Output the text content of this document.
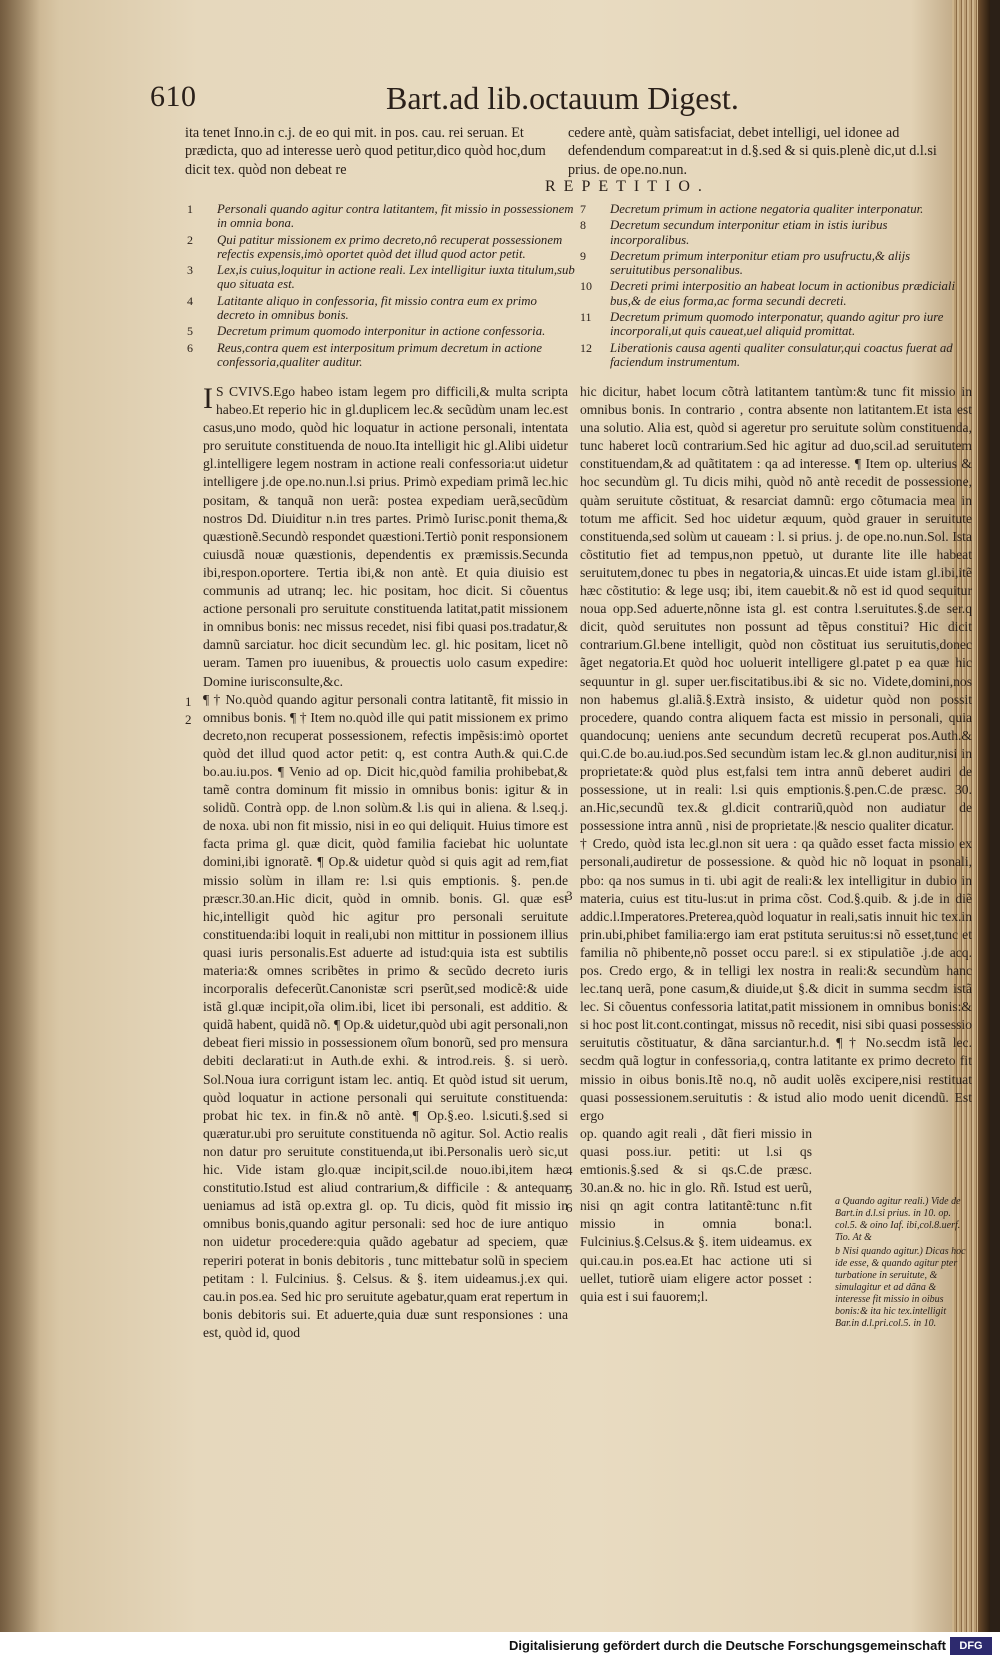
610	Bart.ad lib.octauum Digest.

ita tenet Inno.in c.j. de eo qui mit. in pos. cau. rei seruan. Et prædicta, quo ad interesse uerò quod petitur,dico quòd hoc,dum dicit tex. quòd non debeat re

cedere antè, quàm satisfaciat, debet intelligi, uel idonee ad defendendum compareat:ut in d.§.sed & si quis.plenè dic,ut d.l.si prius. de ope.no.nun.

REPETITIO.
1 Personali quando agitur contra latitantem, fit missio in possessionem in omnia bona.
2 Qui patitur missionem ex primo decreto,nô recuperat possessionem refectis expensis,imò oportet quòd det illud quod actor petit.
3 Lex,is cuius,loquitur in actione reali. Lex intelligitur iuxta titulum,sub quo situata est.
4 Latitante aliquo in confessoria, fit missio contra eum ex primo decreto in omnibus bonis.
5 Decretum primum quomodo interponitur in actione confessoria.
6 Reus,contra quem est interpositum primum decretum in actione confessoria,qualiter auditur.
7 Decretum primum in actione negatoria qualiter interponatur.
8 Decretum secundum interponitur etiam in istis iuribus incorporalibus.
9 Decretum primum interponitur etiam pro usufructu,& alijs seruitutibus personalibus.
10 Decreti primi interpositio an habeat locum in actionibus prædiciali bus,& de eius forma,ac forma secundi decreti.
11 Decretum primum quomodo interponatur, quando agitur pro iure incorporali,ut quis caueat,uel aliquid promittat.
12 Liberationis causa agenti qualiter consulatur,qui coactus fuerat ad faciendum instrumentum.

I S CVIVS.Ego habeo istam legem pro difficili,& multa scripta habeo.Et reperio hic in gl.duplicem lec.& secũdùm unam lec.est casus,uno modo, quòd hic loquatur in actione personali, intentata pro seruitute constituenda de nouo.Ita intelligit hic gl.Alibi uidetur gl.intelligere legem nostram in actione reali confessoria:ut uidetur intelligere j.de ope.no.nun.l.si prius. Primò expediam primã lec.hic positam, & tanquã non uerã: postea expediam uerã,secũdùm nostros Dd. Diuiditur n.in tres partes. Primò Iurisc.ponit thema,& quæstionẽ.Secundò respondet quæstioni.Tertiò ponit responsionem cuiusdã nouæ quæstionis, dependentis ex præmissis.Secunda ibi,respon.oportere. Tertia ibi,& non antè. Et quia diuisio est communis ad utranq; lec. hic positam, hoc dicit. Si cõuentus actione personali pro seruitute constituenda latitat,patit missionem in omnibus bonis: nec missus recedet, nisi fibi quasi pos.tradatur,& damnũ sarciatur. hoc dicit secundùm lec. gl. hic positam, licet nõ ueram. Tamen pro iuuenibus, & prouectis uolo casum expedire: Domine iurisconsulte,&c.

¶ † No.quòd quando agitur personali contra latitantẽ, fit missio in omnibus bonis. ¶ † Item no.quòd ille qui patit missionem ex primo decreto,non recuperat possessionem, refectis impẽsis:imò oportet quòd det illud quod actor petit: q, est contra Auth.& qui.C.de bo.au.iu.pos. ¶ Venio ad op. Dicit hic,quòd familia prohibebat,& tamẽ contra dominum fit missio in omnibus bonis: igitur & in solidũ. Contrà opp. de l.non solùm.& l.is qui in aliena. & l.seq.j. de noxa. ubi non fit missio, nisi in eo qui deliquit. Huius timore est facta prima gl. quæ dicit, quòd familia faciebat hic uoluntate domini,ibi ignoratẽ. ¶ Op.& uidetur quòd si quis agit ad rem,fiat missio solùm in illam re: l.si quis emptionis. §. pen.de præscr.30.an.Hic dicit, quòd in omnib. bonis. Gl. quæ est hic,intelligit quòd hic agitur pro personali seruitute constituenda:ibi loquit in reali,ubi non mittitur in possionem illius quasi iuris personalis.Est aduerte ad istud:quia ista est subtilis materia:& omnes scribẽtes in primo & secũdo decreto iuris incorporalis defecerũt.Canonistæ scri pserũt,sed modicẽ:& uide istã gl.quæ incipit,oĩa olim.ibi, licet ibi personali, est additio. & quidã habent, quidã nõ. ¶ Op.& uidetur,quòd ubi agit personali,non debeat fieri missio in possessionem oĩum bonorũ, sed pro mensura debiti declarati:ut in Auth.de exhi. & introd.reis. §. si uerò. Sol.Noua iura corrigunt istam lec. antiq. Et quòd istud sit uerum, quòd loquatur in actione personali qui seruitute constituenda: probat hic tex. in fin.& nõ antè. ¶ Op.§.eo. l.sicuti.§.sed si quæratur.ubi pro seruitute constituenda nõ agitur. Sol. Actio realis non datur pro seruitute constituenda,ut ibi.Personalis uerò sic,ut hic. Vide istam glo.quæ incipit,scil.de nouo.ibi,item hæc constitutio.Istud est aliud contrarium,& difficile : & antequam ueniamus ad istã op.extra gl. op. Tu dicis, quòd fit missio in omnibus bonis,quando agitur personali: sed hoc de iure antiquo non uidetur procedere:quia quãdo agebatur ad speciem, quæ reperiri poterat in bonis debitoris , tunc mittebatur solũ in speciem petitam : l. Fulcinius. §. Celsus. & §. item uideamus.j.ex qui. cau.in pos.ea. Sed hic pro seruitute agebatur,quam erat repertum in bonis debitoris sui. Et aduerte,quia duæ sunt responsiones : una est, quòd id, quod

hic dicitur, habet locum cõtrà latitantem tantùm:& tunc fit missio in omnibus bonis. In contrario , contra absente non latitantem.Et ista est una solutio. Alia est, quòd si ageretur pro seruitute solùm constituenda, tunc haberet locũ contrarium.Sed hic agitur ad duo,scil.ad seruitutem constituendam,& ad quãtitatem : qa ad interesse. ¶ Item op. ulterius & hoc secundùm gl. Tu dicis mihi, quòd nõ antè recedit de possessione, quàm seruitute cõstituat, & resarciat damnũ: ergo cõtumacia mea in totum me afficit. Sed hoc uidetur æquum, quòd grauer in seruitute constituenda,sed solùm ut caueam : l. si prius. j. de ope.no.nun.Sol. Ista cõstitutio fiet ad tempus,non ppetuò, ut durante lite ille habeat seruitutem,donec tu pbes in negatoria,& uincas.Et uide istam gl.ibi,itẽ hæc cõstitutio: & lege usq; ibi, item cauebit.& nõ est id quod sequitur noua opp.Sed aduerte,nõnne ista gl. est contra l.seruitutes.§.de ser.q dicit, quòd seruitutes non possunt ad tẽpus constitui? Hic dicit contrarium.Gl.bene intelligit, quòd non cõstituat ius seruitutis,donec ãget negatoria.Et quòd hoc uoluerit intelligere gl.patet p ea quæ hic sequuntur in gl. super uer.fiscitatibus.ibi & sic no. Videte,domini,nos non habemus gl.aliã.§.Extrà insisto, & uidetur quòd non possit procedere, quando contra aliquem facta est missio in personali, quia quandocunq; ueniens ante secundum decretũ recuperat pos.Auth.& qui.C.de bo.au.iud.pos.Sed secundùm istam lec.& gl.non auditur,nisi in proprietate:& quòd plus est,falsi tem intra annũ deberet audiri de possessione, ut in reali: l.si quis emptionis.§.pen.C.de præsc. 30. an.Hic,secundũ tex.& gl.dicit contrariũ,quòd non audiatur de possessione intra annũ , nisi de proprietate.|& nescio qualiter dicatur.

† Credo, quòd ista lec.gl.non sit uera : qa quãdo esset facta missio ex personali,audiretur de possessione. & quòd hic nõ loquat in psonali, pbo: qa nos sumus in ti. ubi agit de reali:& lex intelligitur in dubio in materia, cuius est titu-lus:ut in prima cõst. Cod.§.quib. & j.de in diẽ addic.l.Imperatores.Preterea,quòd loquatur in reali,satis innuit hic tex.in prin.ubi,phibet familia:ergo iam erat pstituta seruitus:si nõ esset,tunc et familia nõ phibente,nõ posset occu pare:l. si ex stipulatiõe .j.de acq. pos. Credo ergo, & in telligi lex nostra in reali:& secundùm hanc lec.tanq uerã, pone casum,& diuide,ut §.& dicit in summa secdm istã lec. Si cõuentus confessoria latitat,patit missionem in omnibus bonis:& si hoc post lit.cont.contingat, missus nõ recedit, nisi sibi quasi possessio seruitutis cõstituatur, & dãna sarciantur.h.d. ¶ † No.secdm istã lec. secdm quã logtur in confessoria,q, contra latitante ex primo decreto fit missio in oibus bonis.Itẽ no.q, nõ audit uolẽs excipere,nisi restituat quasi possessionem.seruitutis : & istud alio modo uenit dicendũ. Est ergo

op. quando agit reali , dãt fieri missio in quasi poss.iur. petiti: ut l.si qs emtionis.§.sed & si qs.C.de præsc. 30.an.& no. hic in glo. Rñ. Istud est uerũ, nisi qn agit contra latitantẽ:tunc n.fit missio in omnia bona:l. Fulcinius.§.Celsus.& §. item uideamus. ex qui.cau.in pos.ea.Et hac actione uti si uellet, tutiorẽ uiam eligere actor posset : quia est i sui fauorem;l.

1
2
3
4
5
6	a Quando agitur reali.) Vide de Bart.in d.l.si prius. in 10. op. col.5. & oino Iaf. ibi,col.8.uerf. Tio. At &

b Nisi quando agitur.) Dicas hoc ide esse, & quando agitur pter turbatione in seruitute, & simulagitur et ad dãna & interesse fit missio in oibus bonis:& ita hic tex.intelligit Bar.in d.l.pri.col.5. in 10.

Digitalisierung gefördert durch die Deutsche Forschungsgemeinschaft	DFG
